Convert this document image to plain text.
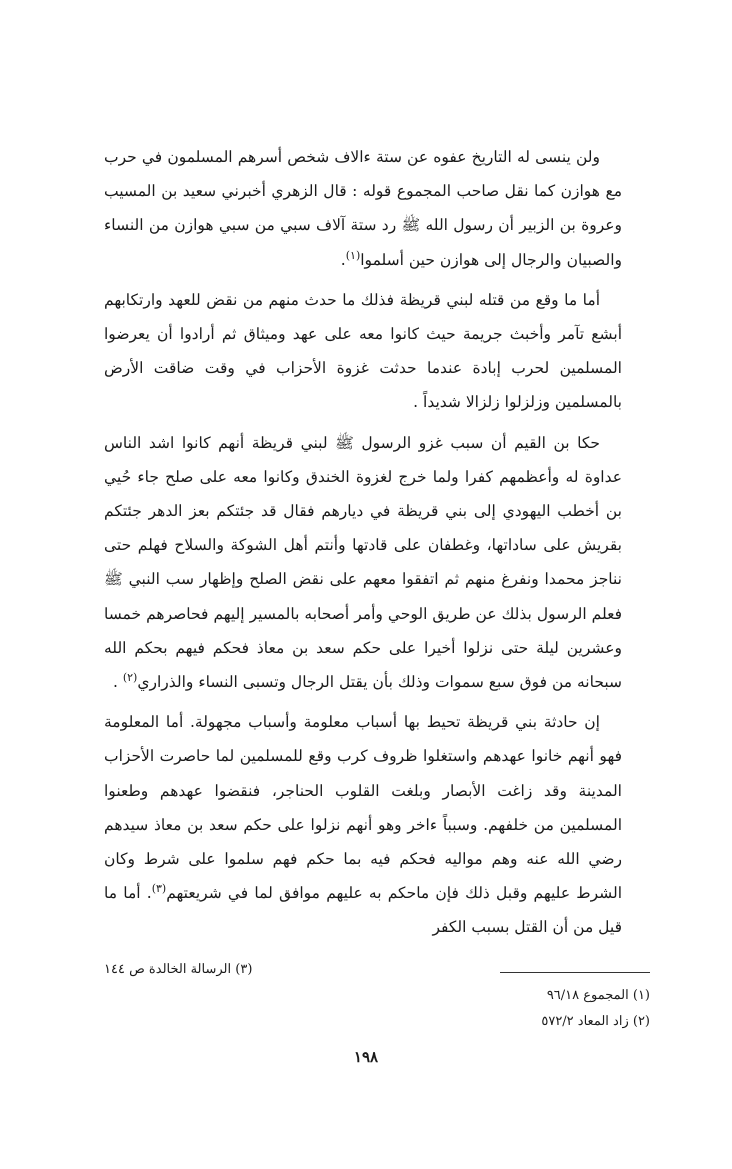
ولن ينسى له التاريخ عفوه عن ستة ءالاف شخص أسرهم المسلمون في حرب مع هوازن كما نقل صاحب المجموع قوله : قال الزهري أخبرني سعيد بن المسيب وعروة بن الزبير أن رسول الله ﷺ رد ستة آلاف سبي من سبي هوازن من النساء والصبيان والرجال إلى هوازن حين أسلموا$^{(١)}$.

أما ما وقع من قتله لبني قريظة فذلك ما حدث منهم من نقض للعهد وارتكابهم أبشع تآمر وأخبث جريمة حيث كانوا معه على عهد وميثاق ثم أرادوا أن يعرضوا المسلمين لحرب إبادة عندما حدثت غزوة الأحزاب في وقت ضاقت الأرض بالمسلمين وزلزلوا زلزالا شديداً .

حكا بن القيم أن سبب غزو الرسول ﷺ لبني قريظة أنهم كانوا اشد الناس عداوة له وأعظمهم كفرا ولما خرج لغزوة الخندق وكانوا معه على صلح جاء حُيي بن أخطب اليهودي إلى بني قريظة في ديارهم فقال قد جئتكم بعز الدهر جئتكم بقريش على ساداتها، وغطفان على قادتها وأنتم أهل الشوكة والسلاح فهلم حتى نناجز محمدا ونفرغ منهم ثم اتفقوا معهم على نقض الصلح وإظهار سب النبي ﷺ فعلم الرسول بذلك عن طريق الوحي وأمر أصحابه بالمسير إليهم فحاصرهم خمسا وعشرين ليلة حتى نزلوا أخيرا على حكم سعد بن معاذ فحكم فيهم بحكم الله سبحانه من فوق سبع سموات وذلك بأن يقتل الرجال وتسبى النساء والذراري$^{(٢)}$ .

إن حادثة بني قريظة تحيط بها أسباب معلومة وأسباب مجهولة. أما المعلومة فهو أنهم خانوا عهدهم واستغلوا ظروف كرب وقع للمسلمين لما حاصرت الأحزاب المدينة وقد زاغت الأبصار وبلغت القلوب الحناجر، فنقضوا عهدهم وطعنوا المسلمين من خلفهم. وسبباً ءاخر وهو أنهم نزلوا على حكم سعد بن معاذ سيدهم رضي الله عنه وهم مواليه فحكم فيه بما حكم فهم سلموا على شرط وكان الشرط عليهم وقبل ذلك فإن ماحكم به عليهم موافق لما في شريعتهم$^{(٣)}$. أما ما قيل من أن القتل بسبب الكفر

(٣) الرسالة الخالدة ص ١٤٤
(١) المجموع ٩٦/١٨
(٢) زاد المعاد ٥٧٢/٢
١٩٨
